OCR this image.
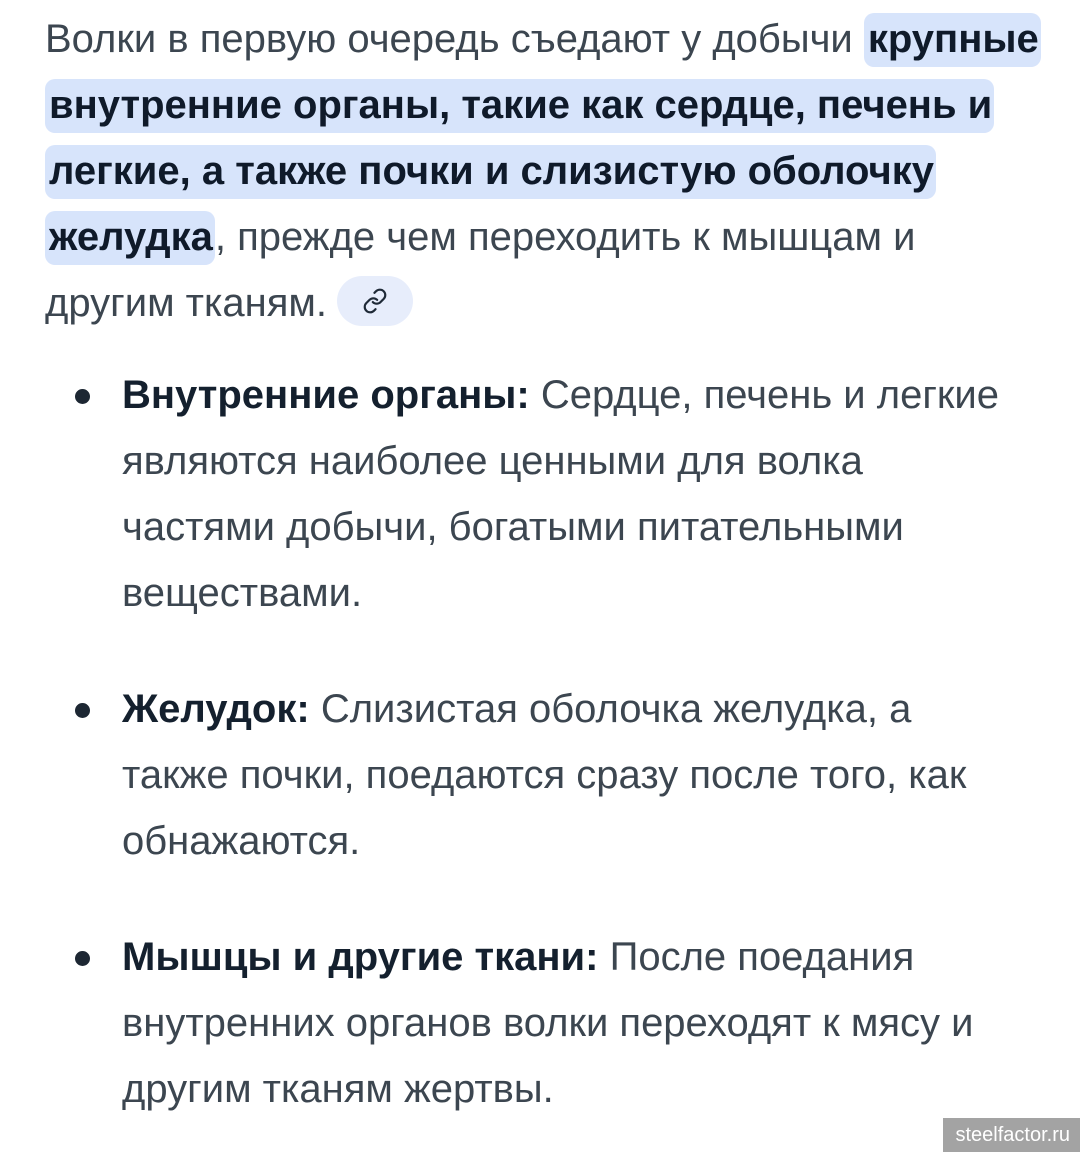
Волки в первую очередь съедают у добычи крупные внутренние органы, такие как сердце, печень и легкие, а также почки и слизистую оболочку желудка, прежде чем переходить к мышцам и другим тканям.
Внутренние органы: Сердце, печень и легкие являются наиболее ценными для волка частями добычи, богатыми питательными веществами.
Желудок: Слизистая оболочка желудка, а также почки, поедаются сразу после того, как обнажаются.
Мышцы и другие ткани: После поедания внутренних органов волки переходят к мясу и другим тканям жертвы.
steelfactor.ru
